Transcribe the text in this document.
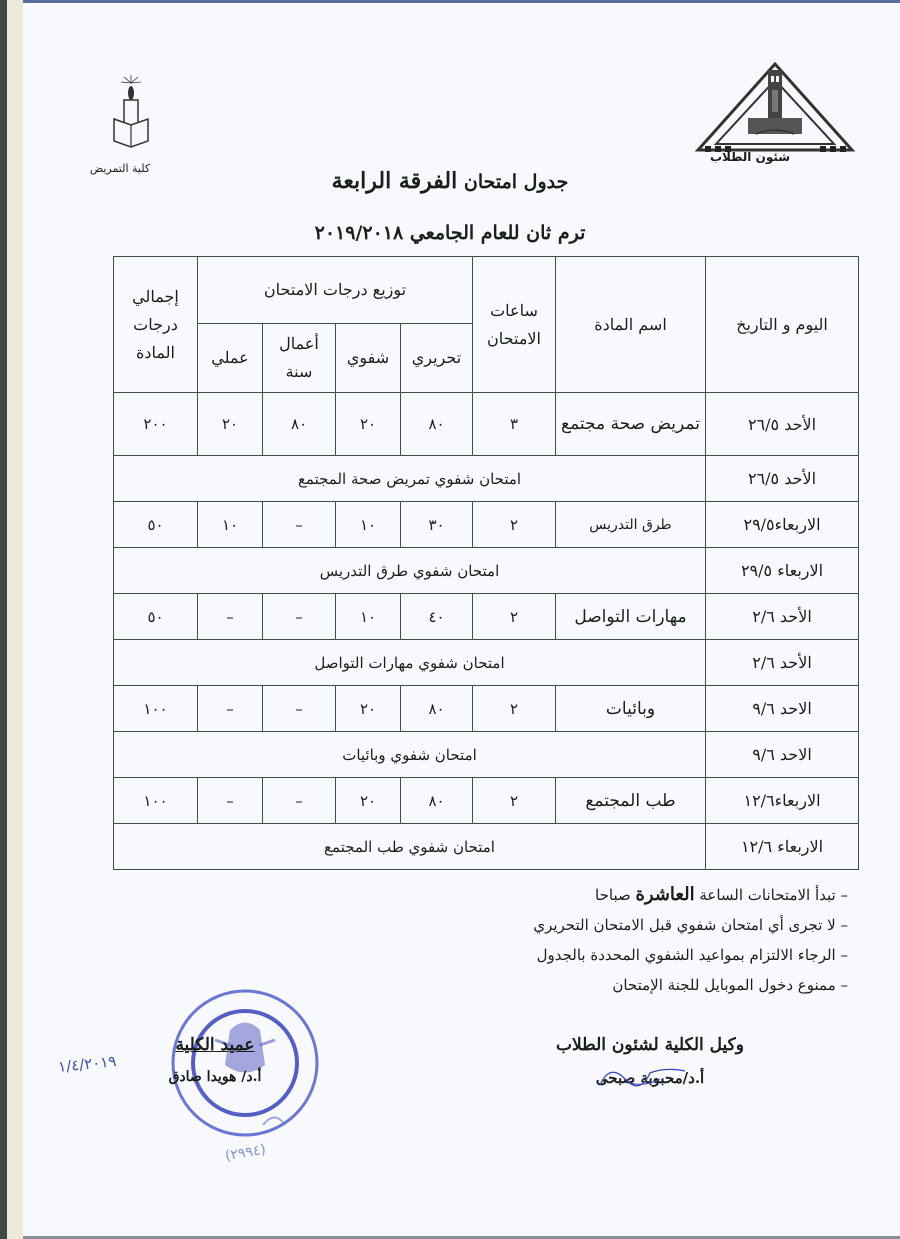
كلية التمريض
شئون الطلاب
جدول امتحان الفرقة الرابعة
ترم ثان للعام الجامعي ٢٠١٩/٢٠١٨
اليوم و التاريخ	اسم المادة	ساعات الامتحان	توزيع درجات الامتحان				إجمالي درجات المادة
			تحريري	شفوي	أعمال سنة	عملي	
الأحد ٢٦/٥	تمريض صحة مجتمع	٣	٨٠	٢٠	٨٠	٢٠	٢٠٠
الأحد ٢٦/٥	امتحان شفوي تمريض صحة المجتمع						
الاربعاء٢٩/٥	طرق التدريس	٢	٣٠	١٠	–	١٠	٥٠
الاربعاء ٢٩/٥	امتحان شفوي طرق التدريس						
الأحد ٢/٦	مهارات التواصل	٢	٤٠	١٠	–	–	٥٠
الأحد ٢/٦	امتحان شفوي مهارات التواصل						
الاحد ٩/٦	وبائيات	٢	٨٠	٢٠	–	–	١٠٠
الاحد ٩/٦	امتحان شفوي وبائيات						
الاربعاء١٢/٦	طب المجتمع	٢	٨٠	٢٠	–	–	١٠٠
الاربعاء ١٢/٦	امتحان شفوي طب المجتمع						
– تبدأ الامتحانات الساعة العاشرة صباحا
– لا تجرى أي امتحان شفوي قبل الامتحان التحريري
– الرجاء الالتزام بمواعيد الشفوي المحددة بالجدول
– ممنوع دخول الموبايل للجنة الإمتحان
عميد الكلية
أ.د/ هويدا صادق
١/٤/٢٠١٩
(٢٩٩٤)
وكيل الكلية لشئون الطلاب
أ.د/محبوبة صبحى
